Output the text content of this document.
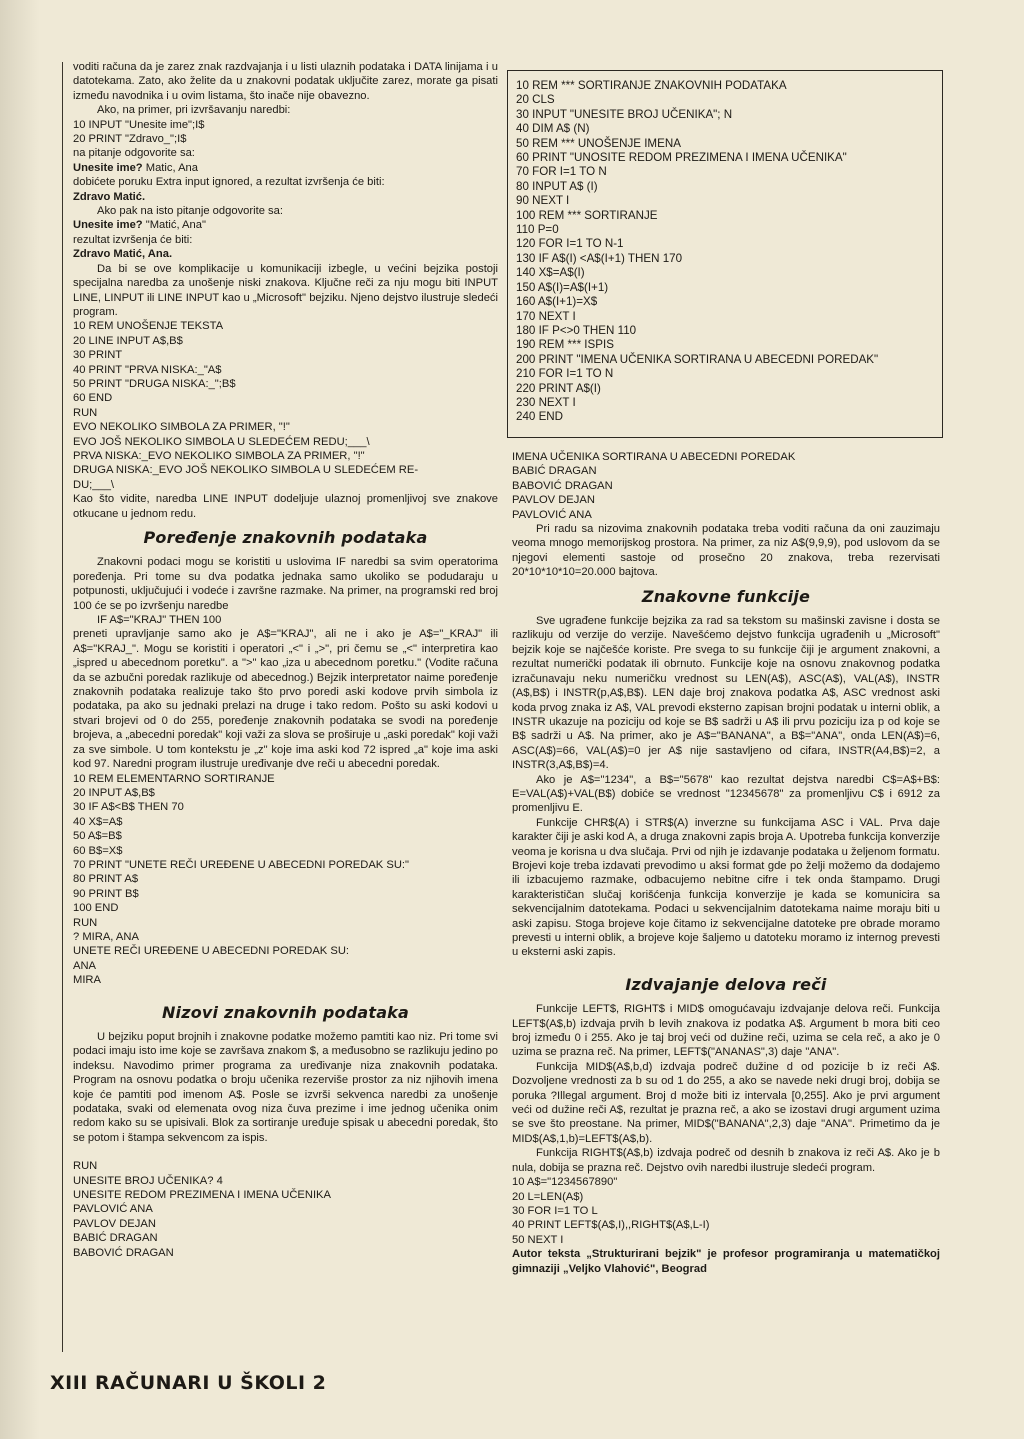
voditi računa da je zarez znak razdvajanja i u listi ulaznih podataka i DATA linijama i u datotekama. Zato, ako želite da u znakovni podatak uključite zarez, morate ga pisati između navodnika i u ovim listama, što inače nije obavezno.

Ako, na primer, pri izvršavanju naredbi:

10 INPUT "Unesite ime";I$
20 PRINT "Zdravo_";I$

na pitanje odgovorite sa:

Unesite ime? Matic, Ana

dobićete poruku Extra input ignored, a rezultat izvršenja će biti:

Zdravo Matić.

Ako pak na isto pitanje odgovorite sa:

Unesite ime? "Matić, Ana"

rezultat izvršenja će biti:

Zdravo Matić, Ana.

Da bi se ove komplikacije u komunikaciji izbegle, u većini bejzika postoji specijalna naredba za unošenje niski znakova. Ključne reči za nju mogu biti INPUT LINE, LINPUT ili LINE INPUT kao u „Microsoft" bejziku. Njeno dejstvo ilustruje sledeći program.

10 REM UNOŠENJE TEKSTA
20 LINE INPUT A$,B$
30 PRINT
40 PRINT "PRVA NISKA:_"A$
50 PRINT "DRUGA NISKA:_";B$
60 END
RUN
EVO NEKOLIKO SIMBOLA ZA PRIMER, "!"
EVO JOŠ NEKOLIKO SIMBOLA U SLEDEĆEM REDU;___\
PRVA NISKA:_EVO NEKOLIKO SIMBOLA ZA PRIMER, "!"
DRUGA NISKA:_EVO JOŠ NEKOLIKO SIMBOLA U SLEDEĆEM RE-
DU;___\

Kao što vidite, naredba LINE INPUT dodeljuje ulaznoj promenljivoj sve znakove otkucane u jednom redu.

Poređenje znakovnih podataka

Znakovni podaci mogu se koristiti u uslovima IF naredbi sa svim operatorima poređenja. Pri tome su dva podatka jednaka samo ukoliko se podudaraju u potpunosti, uključujući i vodeće i završne razmake. Na primer, na programski red broj 100 će se po izvršenju naredbe

IF A$="KRAJ" THEN 100

preneti upravljanje samo ako je A$="KRAJ", ali ne i ako je A$="_KRAJ" ili A$="KRAJ_". Mogu se koristiti i operatori „<" i „>", pri čemu se „<" interpretira kao „ispred u abecednom poretku". a ">" kao „iza u abecednom poretku." (Vodite računa da se azbučni poredak razlikuje od abecednog.) Bejzik interpretator naime poređenje znakovnih podataka realizuje tako što prvo poredi aski kodove prvih simbola iz podataka, pa ako su jednaki prelazi na druge i tako redom. Pošto su aski kodovi u stvari brojevi od 0 do 255, poređenje znakovnih podataka se svodi na poređenje brojeva, a „abecedni poredak" koji važi za slova se proširuje u „aski poredak" koji važi za sve simbole. U tom kontekstu je „z" koje ima aski kod 72 ispred „a" koje ima aski kod 97. Naredni program ilustruje uređivanje dve reči u abecedni poredak.

10 REM ELEMENTARNO SORTIRANJE
20 INPUT A$,B$
30 IF A$<B$ THEN 70
40 X$=A$
50 A$=B$
60 B$=X$
70 PRINT "UNETE REČI UREĐENE U ABECEDNI POREDAK SU:"
80 PRINT A$
90 PRINT B$
100 END
RUN
? MIRA, ANA
UNETE REČI UREĐENE U ABECEDNI POREDAK SU:
ANA
MIRA
Nizovi znakovnih podataka

U bejziku poput brojnih i znakovne podatke možemo pamtiti kao niz. Pri tome svi podaci imaju isto ime koje se završava znakom $, a međusobno se razlikuju jedino po indeksu. Navodimo primer programa za uređivanje niza znakovnih podataka. Program na osnovu podatka o broju učenika rezerviše prostor za niz njihovih imena koje će pamtiti pod imenom A$. Posle se izvrši sekvenca naredbi za unošenje podataka, svaki od elemenata ovog niza čuva prezime i ime jednog učenika onim redom kako su se upisivali. Blok za sortiranje uređuje spisak u abecedni poredak, što se potom i štampa sekvencom za ispis.

RUN
UNESITE BROJ UČENIKA? 4
UNESITE REDOM PREZIMENA I IMENA UČENIKA
PAVLOVIĆ ANA
PAVLOV DEJAN
BABIĆ DRAGAN
BABOVIĆ DRAGAN
10 REM *** SORTIRANJE ZNAKOVNIH PODATAKA
20 CLS
30 INPUT "UNESITE BROJ UČENIKA"; N
40 DIM A$ (N)
50 REM *** UNOŠENJE IMENA
60 PRINT "UNOSITE REDOM PREZIMENA I IMENA UČENIKA"
70 FOR I=1 TO N
80 INPUT A$ (I)
90 NEXT I
100 REM *** SORTIRANJE
110 P=0
120 FOR I=1 TO N-1
130 IF A$(I) <A$(I+1) THEN 170
140 X$=A$(I)
150 A$(I)=A$(I+1)
160 A$(I+1)=X$
170 NEXT I
180 IF P<>0 THEN 110
190 REM *** ISPIS
200 PRINT "IMENA UČENIKA SORTIRANA U ABECEDNI POREDAK"
210 FOR I=1 TO N
220 PRINT A$(I)
230 NEXT I
240 END
IMENA UČENIKA SORTIRANA U ABECEDNI POREDAK
BABIĆ DRAGAN
BABOVIĆ DRAGAN
PAVLOV DEJAN
PAVLOVIĆ ANA

Pri radu sa nizovima znakovnih podataka treba voditi računa da oni zauzimaju veoma mnogo memorijskog prostora. Na primer, za niz A$(9,9,9), pod uslovom da se njegovi elementi sastoje od prosečno 20 znakova, treba rezervisati 20*10*10*10=20.000 bajtova.

Znakovne funkcije

Sve ugrađene funkcije bejzika za rad sa tekstom su mašinski zavisne i dosta se razlikuju od verzije do verzije. Navešćemo dejstvo funkcija ugrađenih u „Microsoft" bejzik koje se najčešće koriste. Pre svega to su funkcije čiji je argument znakovni, a rezultat numerički podatak ili obrnuto. Funkcije koje na osnovu znakovnog podatka izračunavaju neku numeričku vrednost su LEN(A$), ASC(A$), VAL(A$), INSTR (A$,B$) i INSTR(p,A$,B$). LEN daje broj znakova podatka A$, ASC vrednost aski koda prvog znaka iz A$, VAL prevodi eksterno zapisan brojni podatak u interni oblik, a INSTR ukazuje na poziciju od koje se B$ sadrži u A$ ili prvu poziciju iza p od koje se B$ sadrži u A$. Na primer, ako je A$="BANANA", a B$="ANA", onda LEN(A$)=6, ASC(A$)=66, VAL(A$)=0 jer A$ nije sastavljeno od cifara, INSTR(A4,B$)=2, a INSTR(3,A$,B$)=4.

Ako je A$="1234", a B$="5678" kao rezultat dejstva naredbi C$=A$+B$: E=VAL(A$)+VAL(B$) dobiće se vrednost "12345678" za promenljivu C$ i 6912 za promenljivu E.

Funkcije CHR$(A) i STR$(A) inverzne su funkcijama ASC i VAL. Prva daje karakter čiji je aski kod A, a druga znakovni zapis broja A. Upotreba funkcija konverzije veoma je korisna u dva slučaja. Prvi od njih je izdavanje podataka u željenom formatu. Brojevi koje treba izdavati prevodimo u aksi format gde po želji možemo da dodajemo ili izbacujemo razmake, odbacujemo nebitne cifre i tek onda štampamo. Drugi karakterističan slučaj korišćenja funkcija konverzije je kada se komunicira sa sekvencijalnim datotekama. Podaci u sekvencijalnim datotekama naime moraju biti u aski zapisu. Stoga brojeve koje čitamo iz sekvencijalne datoteke pre obrade moramo prevesti u interni oblik, a brojeve koje šaljemo u datoteku moramo iz internog prevesti u eksterni aski zapis.

Izdvajanje delova reči

Funkcije LEFT$, RIGHT$ i MID$ omogućavaju izdvajanje delova reči. Funkcija LEFT$(A$,b) izdvaja prvih b levih znakova iz podatka A$. Argument b mora biti ceo broj između 0 i 255. Ako je taj broj veći od dužine reči, uzima se cela reč, a ako je 0 uzima se prazna reč. Na primer, LEFT$("ANANAS",3) daje "ANA".

Funkcija MID$(A$,b,d) izdvaja podreč dužine d od pozicije b iz reči A$. Dozvoljene vrednosti za b su od 1 do 255, a ako se navede neki drugi broj, dobija se poruka ?Illegal argument. Broj d može biti iz intervala [0,255]. Ako je prvi argument veći od dužine reči A$, rezultat je prazna reč, a ako se izostavi drugi argument uzima se sve što preostane. Na primer, MID$("BANANA",2,3) daje "ANA". Primetimo da je MID$(A$,1,b)=LEFT$(A$,b).

Funkcija RIGHT$(A$,b) izdvaja podreč od desnih b znakova iz reči A$. Ako je b nula, dobija se prazna reč. Dejstvo ovih naredbi ilustruje sledeći program.

10 A$="1234567890"
20 L=LEN(A$)
30 FOR I=1 TO L
40 PRINT LEFT$(A$,I),,RIGHT$(A$,L-I)
50 NEXT I

Autor teksta „Strukturirani bejzik" je profesor programiranja u matematičkoj gimnaziji „Veljko Vlahović", Beograd

XIII RAČUNARI U ŠKOLI 2
